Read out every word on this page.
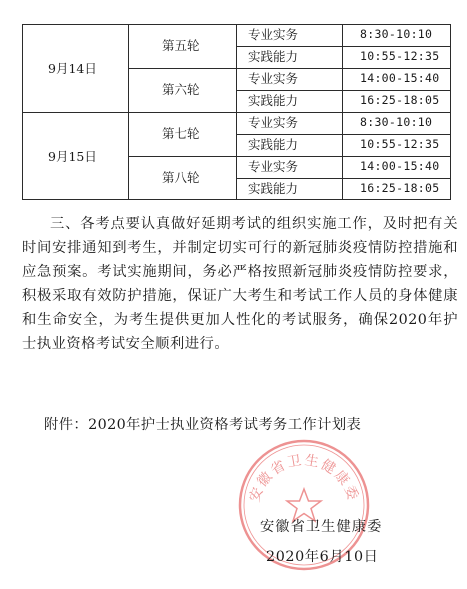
9月14日
第五轮
专业实务	8:30-10:10
实践能力	10:55-12:35
第六轮
专业实务	14:00-15:40
实践能力	16:25-18:05
9月15日
第七轮
专业实务	8:30-10:10
实践能力	10:55-12:35
第八轮
专业实务	14:00-15:40
实践能力	16:25-18:05

三、各考点要认真做好延期考试的组织实施工作，及时把有关时间安排通知到考生，并制定切实可行的新冠肺炎疫情防控措施和应急预案。考试实施期间，务必严格按照新冠肺炎疫情防控要求，积极采取有效防护措施，保证广大考生和考试工作人员的身体健康和生命安全，为考生提供更加人性化的考试服务，确保2020年护士执业资格考试安全顺利进行。

附件：2020年护士执业资格考试考务工作计划表
安徽省卫生健康委
安徽省卫生健康委
2020年6月10日
